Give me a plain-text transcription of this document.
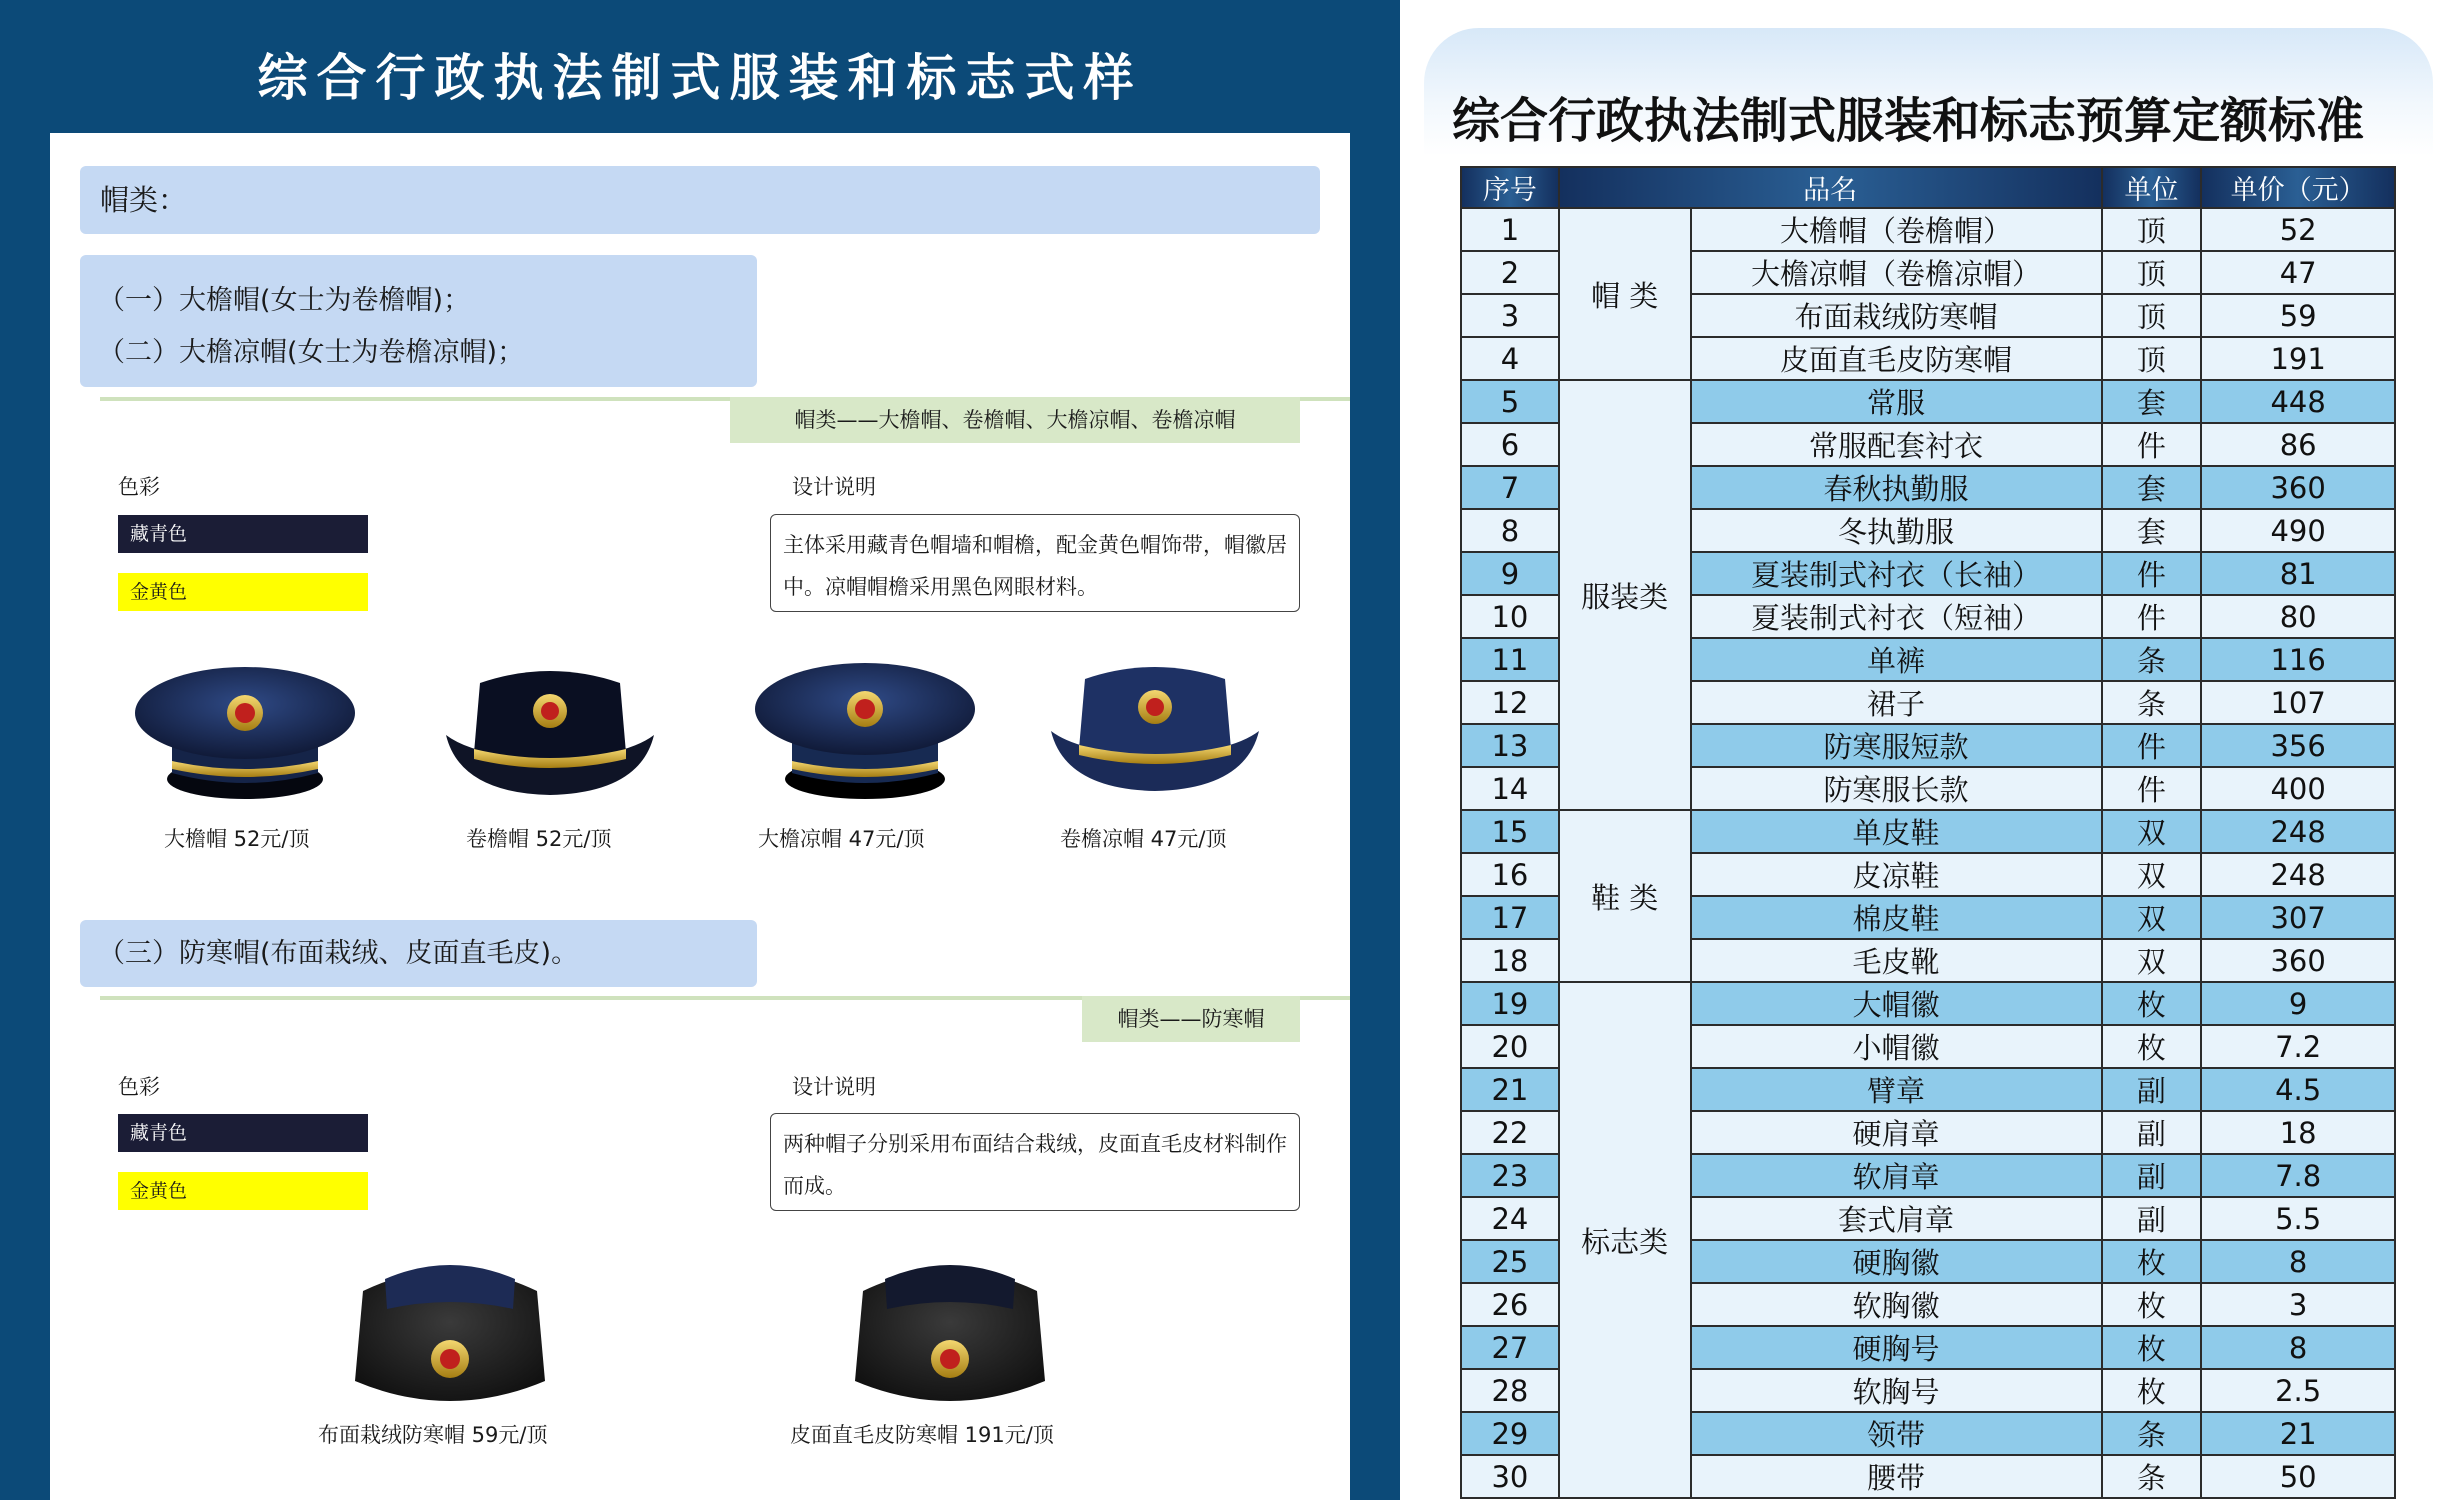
综合行政执法制式服装和标志式样
帽类：
（一）大檐帽(女士为卷檐帽)；
（二）大檐凉帽(女士为卷檐凉帽)；
帽类——大檐帽、卷檐帽、大檐凉帽、卷檐凉帽
色彩
藏青色
金黄色
设计说明
主体采用藏青色帽墙和帽檐，配金黄色帽饰带，帽徽居中。凉帽帽檐采用黑色网眼材料。
大檐帽 52元/顶	卷檐帽 52元/顶	大檐凉帽 47元/顶	卷檐凉帽 47元/顶
（三）防寒帽(布面栽绒、皮面直毛皮)。
帽类——防寒帽
色彩
藏青色
金黄色
设计说明
两种帽子分别采用布面结合栽绒，皮面直毛皮材料制作而成。
布面栽绒防寒帽 59元/顶	皮面直毛皮防寒帽 191元/顶
综合行政执法制式服装和标志预算定额标准
序号	品名		单位	单价（元）
1	帽 类	大檐帽（卷檐帽）	顶	52
2		大檐凉帽（卷檐凉帽）	顶	47
3		布面栽绒防寒帽	顶	59
4		皮面直毛皮防寒帽	顶	191
5	服装类	常服	套	448
6		常服配套衬衣	件	86
7		春秋执勤服	套	360
8		冬执勤服	套	490
9		夏装制式衬衣（长袖）	件	81
10		夏装制式衬衣（短袖）	件	80
11		单裤	条	116
12		裙子	条	107
13		防寒服短款	件	356
14		防寒服长款	件	400
15	鞋 类	单皮鞋	双	248
16		皮凉鞋	双	248
17		棉皮鞋	双	307
18		毛皮靴	双	360
19	标志类	大帽徽	枚	9
20		小帽徽	枚	7.2
21		臂章	副	4.5
22		硬肩章	副	18
23		软肩章	副	7.8
24		套式肩章	副	5.5
25		硬胸徽	枚	8
26		软胸徽	枚	3
27		硬胸号	枚	8
28		软胸号	枚	2.5
29		领带	条	21
30		腰带	条	50
